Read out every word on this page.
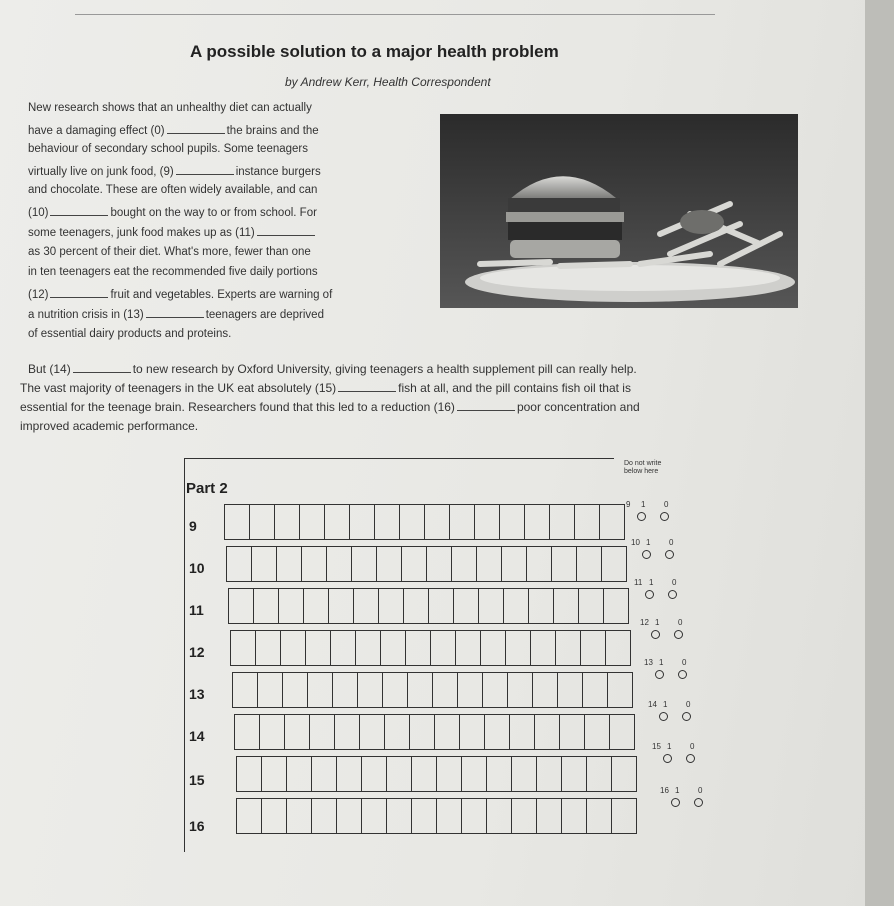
A possible solution to a major health problem
by Andrew Kerr, Health Correspondent
New research shows that an unhealthy diet can actually
have a damaging effect (0)	the brains and the
behaviour of secondary school pupils. Some teenagers
virtually live on junk food, (9)	instance burgers
and chocolate. These are often widely available, and can
(10)	bought on the way to or from school. For
some teenagers, junk food makes up as (11)
as 30 percent of their diet. What's more, fewer than one
in ten teenagers eat the recommended five daily portions
(12)	fruit and vegetables. Experts are warning of
a nutrition crisis in (13)	teenagers are deprived
of essential dairy products and proteins.
But (14)	to new research by Oxford University, giving teenagers a health supplement pill can really help.
The vast majority of teenagers in the UK eat absolutely (15)	fish at all, and the pill contains fish oil that is
essential for the teenage brain. Researchers found that this led to a reduction (16)	poor concentration and
improved academic performance.
Part 2
Do not write below here
9
9 1 0
10
10 1 0
11
11 1 0
12
12 1 0
13
13 1 0
14
14 1 0
15
15 1 0
16
16 1 0
